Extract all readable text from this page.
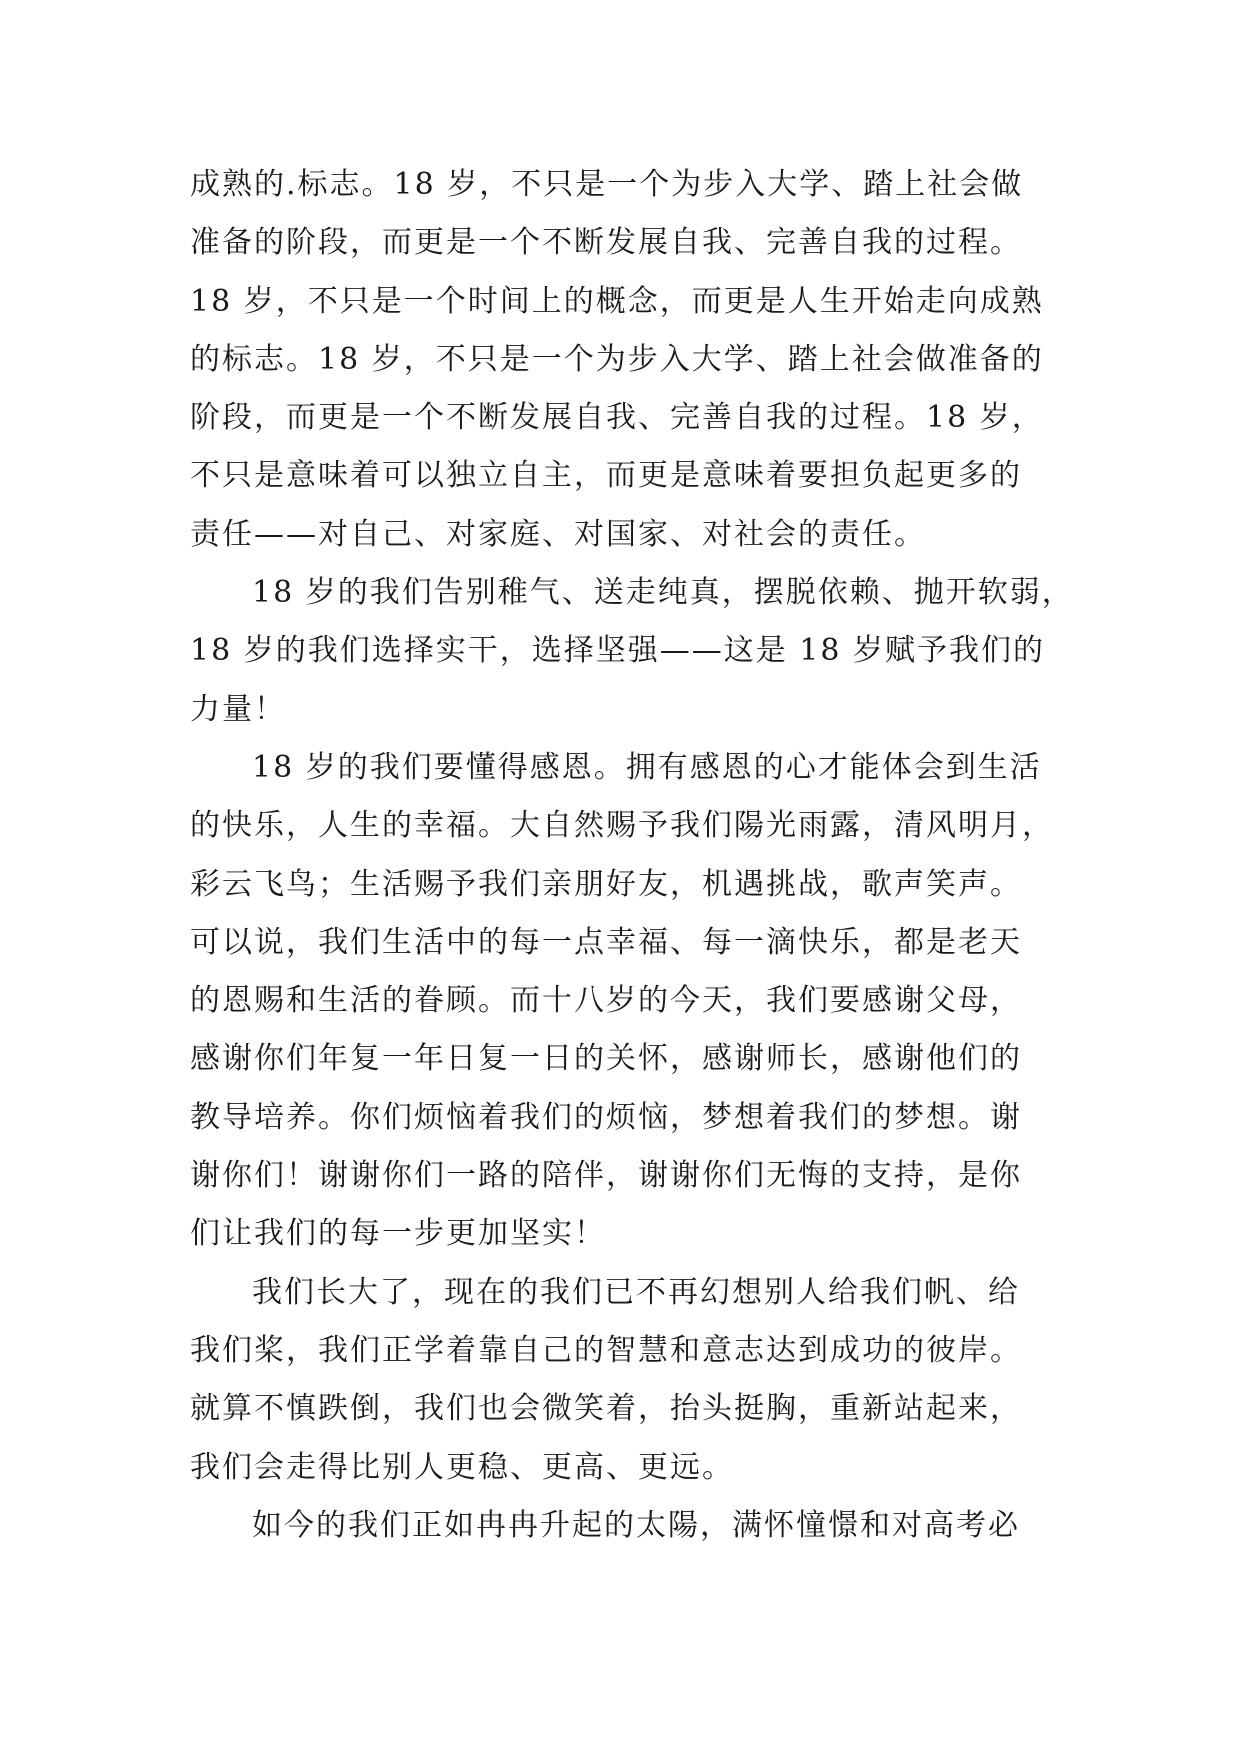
成熟的.标志。18 岁，不只是一个为步入大学、踏上社会做
准备的阶段，而更是一个不断发展自我、完善自我的过程。
18 岁，不只是一个时间上的概念，而更是人生开始走向成熟
的标志。18 岁，不只是一个为步入大学、踏上社会做准备的
阶段，而更是一个不断发展自我、完善自我的过程。18 岁，
不只是意味着可以独立自主，而更是意味着要担负起更多的
责任——对自己、对家庭、对国家、对社会的责任。
18 岁的我们告别稚气、送走纯真，摆脱依赖、抛开软弱，
18 岁的我们选择实干，选择坚强——这是 18 岁赋予我们的
力量！
18 岁的我们要懂得感恩。拥有感恩的心才能体会到生活
的快乐，人生的幸福。大自然赐予我们陽光雨露，清风明月，
彩云飞鸟；生活赐予我们亲朋好友，机遇挑战，歌声笑声。
可以说，我们生活中的每一点幸福、每一滴快乐，都是老天
的恩赐和生活的眷顾。而十八岁的今天，我们要感谢父母，
感谢你们年复一年日复一日的关怀，感谢师长，感谢他们的
教导培养。你们烦恼着我们的烦恼，梦想着我们的梦想。谢
谢你们！谢谢你们一路的陪伴，谢谢你们无悔的支持，是你
们让我们的每一步更加坚实！
我们长大了，现在的我们已不再幻想别人给我们帆、给
我们桨，我们正学着靠自己的智慧和意志达到成功的彼岸。
就算不慎跌倒，我们也会微笑着，抬头挺胸，重新站起来，
我们会走得比别人更稳、更高、更远。
如今的我们正如冉冉升起的太陽，满怀憧憬和对高考必
